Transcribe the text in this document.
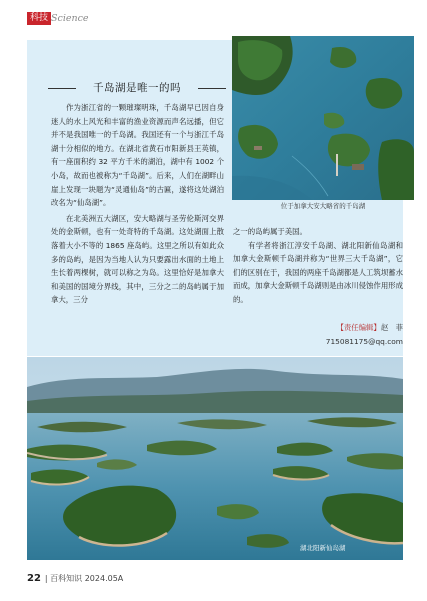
科技 Science
位于加拿大安大略省的千岛湖
千岛湖是唯一的吗

作为浙江省的一颗璀璨明珠，千岛湖早已因自身迷人的水上风光和丰富的渔业资源而声名远播，但它并不是我国唯一的千岛湖。我国还有一个与浙江千岛湖十分相似的地方。在湖北省黄石市阳新县王英镇，有一座面积约 32 平方千米的湖泊，湖中有 1002 个小岛，故而也被称为“千岛湖”。后来，人们在湖畔山崖上发现一块题为“灵通仙岛”的古匾，遂将这处湖泊改名为“仙岛湖”。

在北美洲五大湖区，安大略湖与圣劳伦斯河交界处的金斯顿，也有一处奇特的千岛湖。这处湖面上散落着大小不等的 1865 座岛屿。这里之所以有如此众多的岛屿，是因为当地人认为只要露出水面的土地上生长着两棵树，就可以称之为岛。这里恰好是加拿大和美国的国境分界线，其中，三分之二的岛屿属于加拿大，三分

之一的岛屿属于美国。

有学者将浙江淳安千岛湖、湖北阳新仙岛湖和加拿大金斯顿千岛湖并称为“世界三大千岛湖”，它们的区别在于，我国的两座千岛湖都是人工筑坝蓄水而成，加拿大金斯顿千岛湖则是由冰川侵蚀作用形成的。

【责任编辑】赵　菲
715081175@qq.com
湖北阳新仙岛湖
22 | 百科知识 2024.05A
